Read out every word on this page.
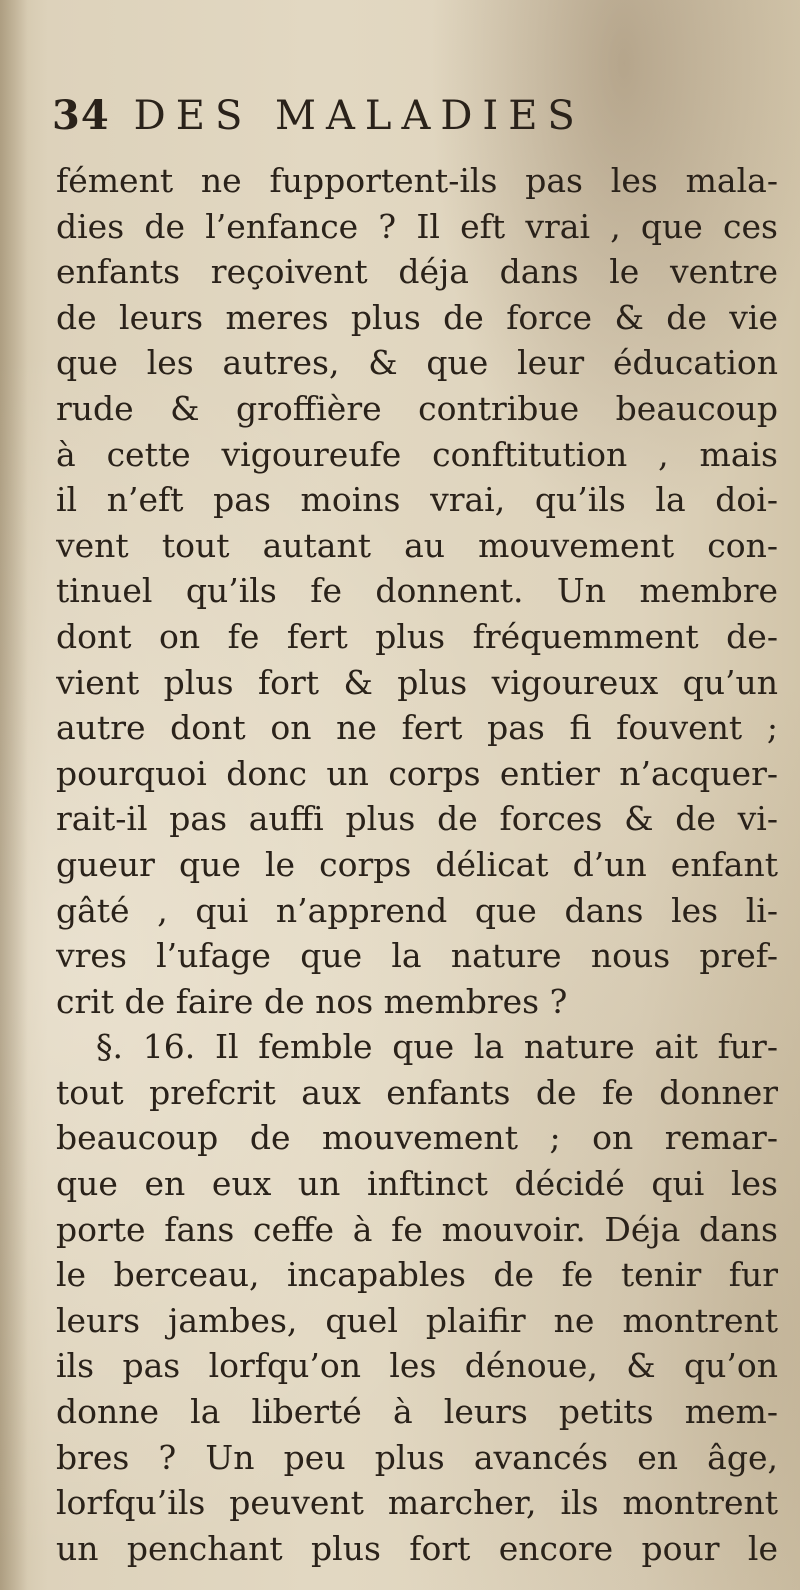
34 DES MALADIES
fément ne fupportent-ils pas les mala-
dies de l’enfance ? Il eft vrai , que ces
enfants reçoivent déja dans le ventre
de leurs meres plus de force & de vie
que les autres, & que leur éducation
rude & groffière contribue beaucoup
à cette vigoureufe conftitution , mais
il n’eft pas moins vrai, qu’ils la doi-
vent tout autant au mouvement con-
tinuel qu’ils fe donnent. Un membre
dont on fe fert plus fréquemment de-
vient plus fort & plus vigoureux qu’un
autre dont on ne fert pas fi fouvent ;
pourquoi donc un corps entier n’acquer-
rait-il pas auffi plus de forces & de vi-
gueur que le corps délicat d’un enfant
gâté , qui n’apprend que dans les li-
vres l’ufage que la nature nous pref-
crit de faire de nos membres ?
§. 16. Il femble que la nature ait fur-
tout prefcrit aux enfants de fe donner
beaucoup de mouvement ; on remar-
que en eux un inftinct décidé qui les
porte fans ceffe à fe mouvoir. Déja dans
le berceau, incapables de fe tenir fur
leurs jambes, quel plaifir ne montrent
ils pas lorfqu’on les dénoue, & qu’on
donne la liberté à leurs petits mem-
bres ? Un peu plus avancés en âge,
lorfqu’ils peuvent marcher, ils montrent
un penchant plus fort encore pour le
